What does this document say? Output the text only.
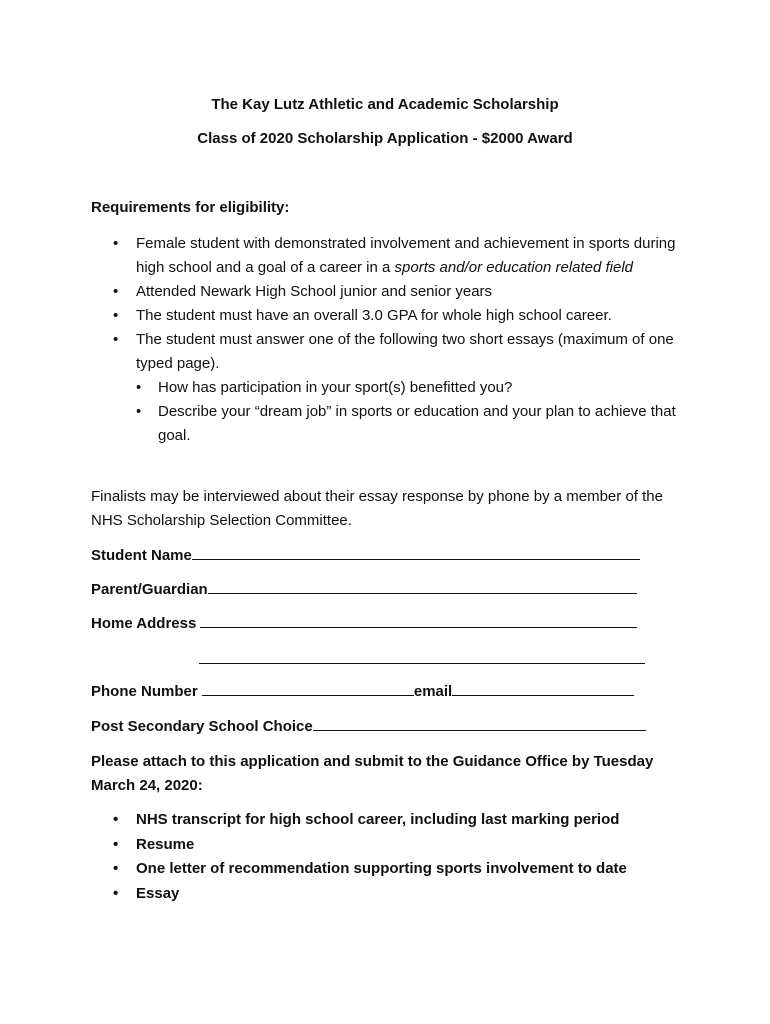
The Kay Lutz Athletic and Academic Scholarship
Class of 2020 Scholarship Application - $2000 Award
Requirements for eligibility:
• Female student with demonstrated involvement and achievement in sports during high school and a goal of a career in a sports and/or education related field
• Attended Newark High School junior and senior years
• The student must have an overall 3.0 GPA for whole high school career.
• The student must answer one of the following two short essays (maximum of one typed page).
• How has participation in your sport(s) benefitted you?
• Describe your “dream job” in sports or education and your plan to achieve that goal.
Finalists may be interviewed about their essay response by phone by a member of the NHS Scholarship Selection Committee.
Student Name
Parent/Guardian
Home Address
Phone Number	email
Post Secondary School Choice
Please attach to this application and submit to the Guidance Office by Tuesday March 24, 2020:
• NHS transcript for high school career, including last marking period
• Resume
• One letter of recommendation supporting sports involvement to date
• Essay
